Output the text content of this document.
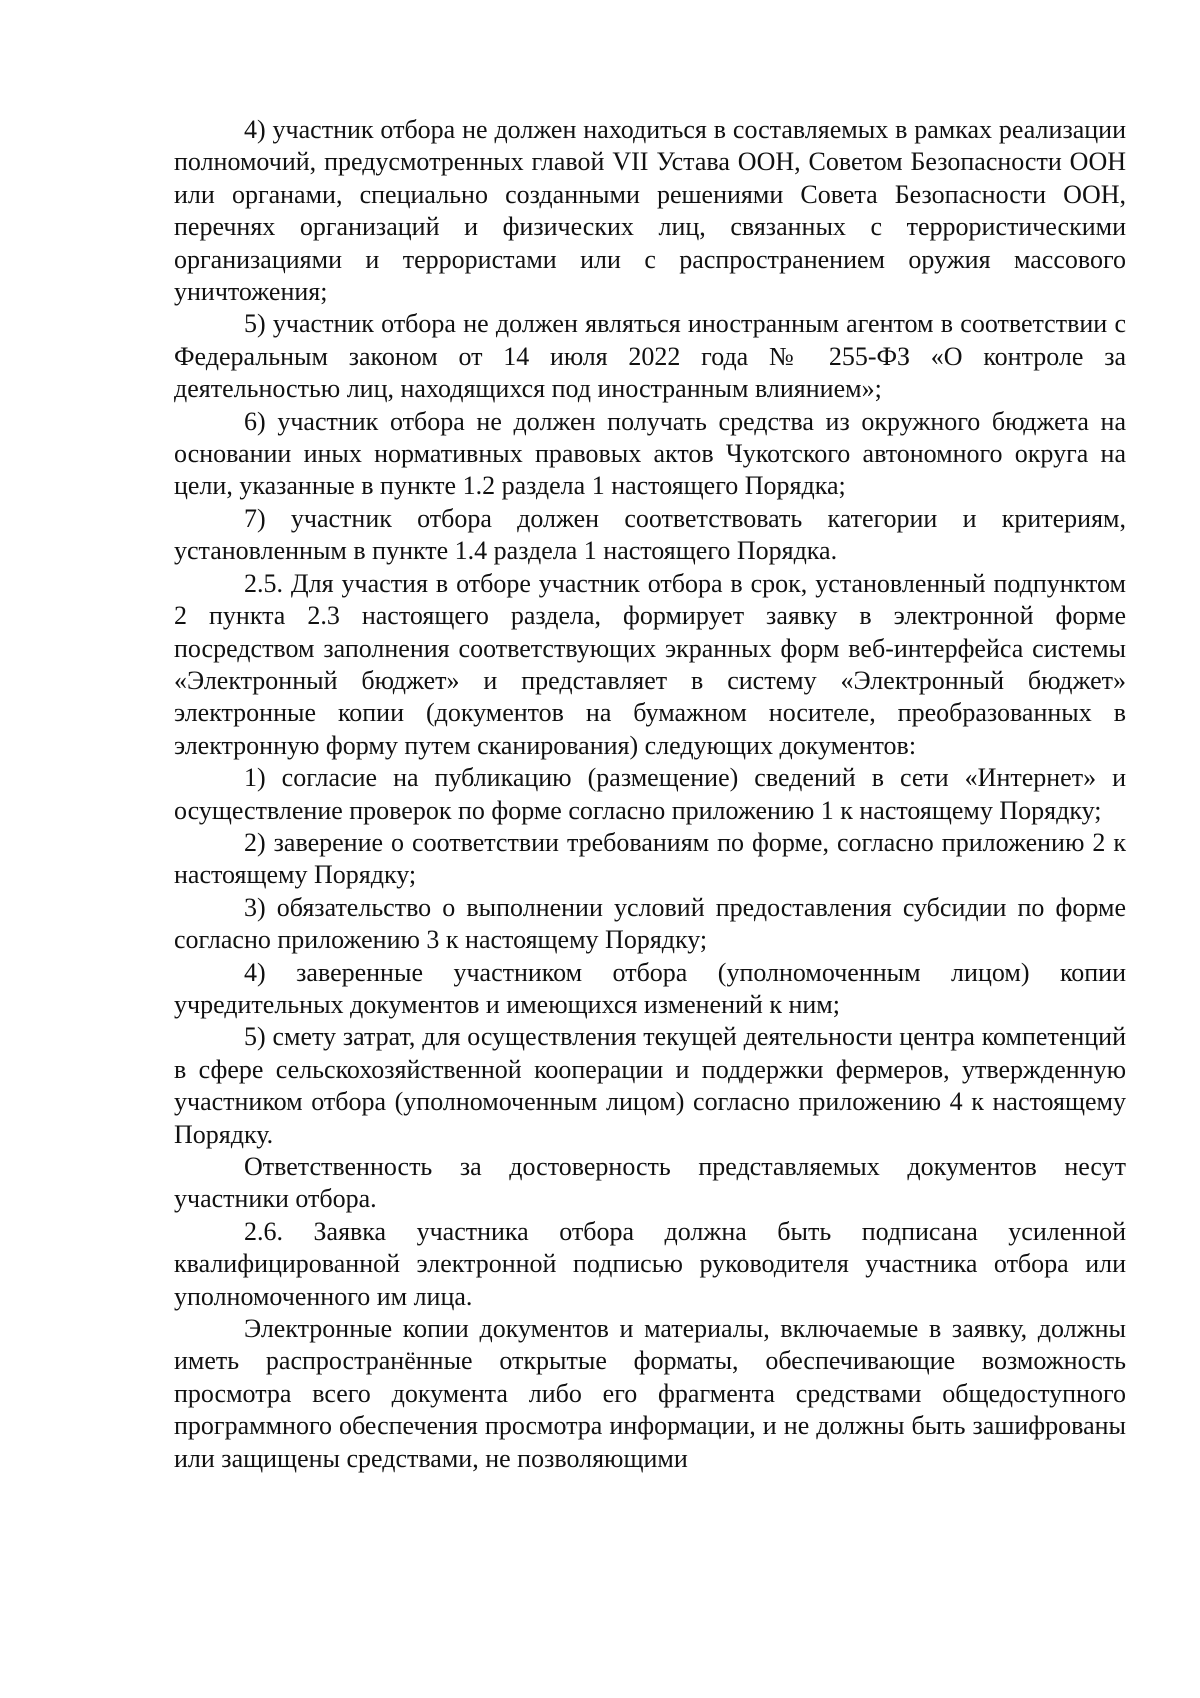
4) участник отбора не должен находиться в составляемых в рамках реализации полномочий, предусмотренных главой VII Устава ООН, Советом Безопасности ООН или органами, специально созданными решениями Совета Безопасности ООН, перечнях организаций и физических лиц, связанных с террористическими организациями и террористами или с распространением оружия массового уничтожения;

5) участник отбора не должен являться иностранным агентом в соответствии с Федеральным законом от 14 июля 2022 года № 255-ФЗ «О контроле за деятельностью лиц, находящихся под иностранным влиянием»;

6) участник отбора не должен получать средства из окружного бюджета на основании иных нормативных правовых актов Чукотского автономного округа на цели, указанные в пункте 1.2 раздела 1 настоящего Порядка;

7) участник отбора должен соответствовать категории и критериям, установленным в пункте 1.4 раздела 1 настоящего Порядка.

2.5. Для участия в отборе участник отбора в срок, установленный подпунктом 2 пункта 2.3 настоящего раздела, формирует заявку в электронной форме посредством заполнения соответствующих экранных форм веб-интерфейса системы «Электронный бюджет» и представляет в систему «Электронный бюджет» электронные копии (документов на бумажном носителе, преобразованных в электронную форму путем сканирования) следующих документов:

1) согласие на публикацию (размещение) сведений в сети «Интернет» и осуществление проверок по форме согласно приложению 1 к настоящему Порядку;

2) заверение о соответствии требованиям по форме, согласно приложению 2 к настоящему Порядку;

3) обязательство о выполнении условий предоставления субсидии по форме согласно приложению 3 к настоящему Порядку;

4) заверенные участником отбора (уполномоченным лицом) копии учредительных документов и имеющихся изменений к ним;

5) смету затрат, для осуществления текущей деятельности центра компетенций в сфере сельскохозяйственной кооперации и поддержки фермеров, утвержденную участником отбора (уполномоченным лицом) согласно приложению 4 к настоящему Порядку.

Ответственность за достоверность представляемых документов несут участники отбора.

2.6. Заявка участника отбора должна быть подписана усиленной квалифицированной электронной подписью руководителя участника отбора или уполномоченного им лица.

Электронные копии документов и материалы, включаемые в заявку, должны иметь распространённые открытые форматы, обеспечивающие возможность просмотра всего документа либо его фрагмента средствами общедоступного программного обеспечения просмотра информации, и не должны быть зашифрованы или защищены средствами, не позволяющими
